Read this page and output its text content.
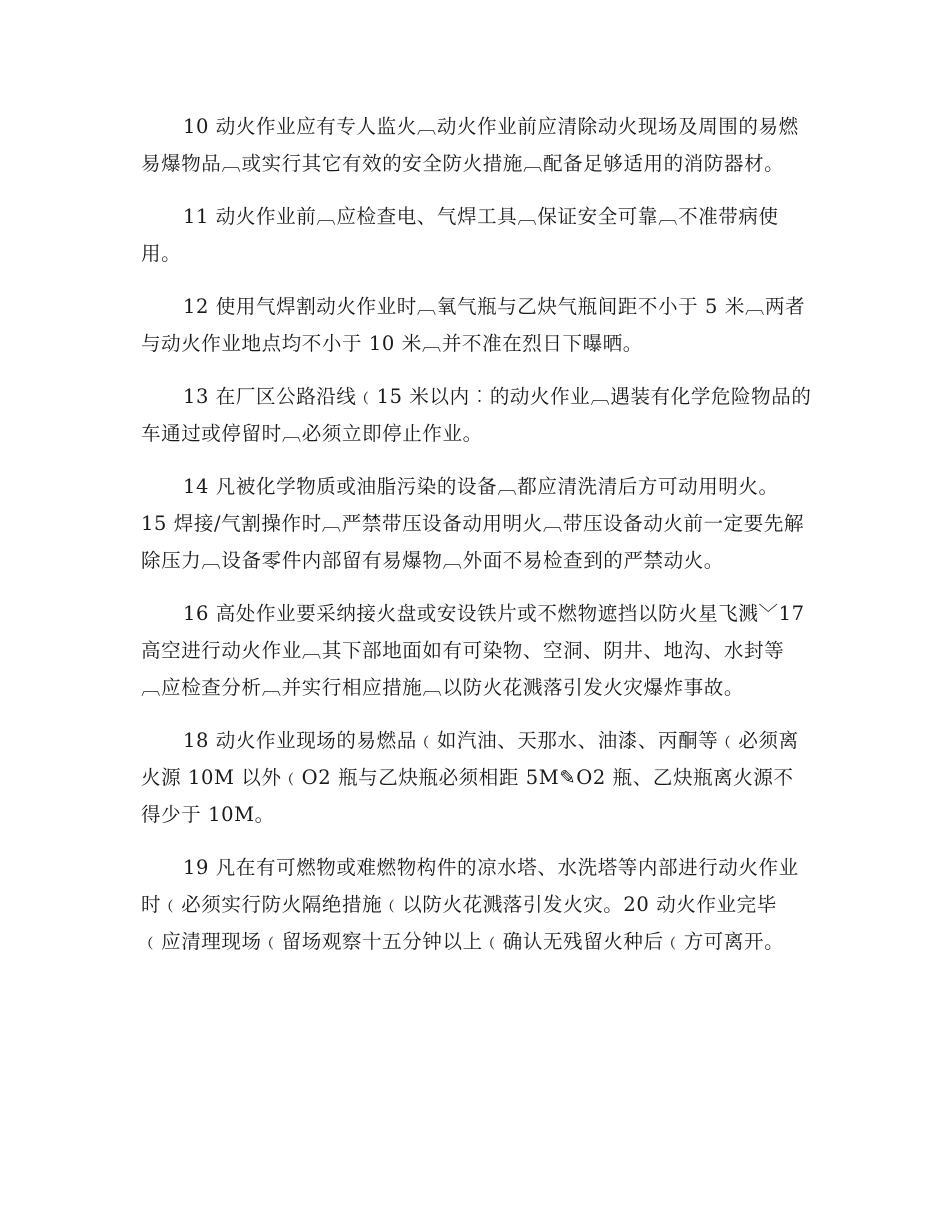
10 动火作业应有专人监火︹动火作业前应清除动火现场及周围的易燃易爆物品︹或实行其它有效的安全防火措施︹配备足够适用的消防器材。

11 动火作业前︹应检查电、气焊工具︹保证安全可靠︹不准带病使用。

12 使用气焊割动火作业时︹氧气瓶与乙炔气瓶间距不小于 5 米︹两者与动火作业地点均不小于 10 米︹并不准在烈日下曝晒。

13 在厂区公路沿线﹙15 米以内︰的动火作业︹遇装有化学危险物品的车通过或停留时︹必须立即停止作业。

14 凡被化学物质或油脂污染的设备︹都应清洗清后方可动用明火。

15 焊接/气割操作时︹严禁带压设备动用明火︹带压设备动火前一定要先解除压力︹设备零件内部留有易爆物︹外面不易检查到的严禁动火。

16 高处作业要采纳接火盘或安设铁片或不燃物遮挡以防火星飞溅﹀17 高空进行动火作业︹其下部地面如有可染物、空洞、阴井、地沟、水封等︹应检查分析︹并实行相应措施︹以防火花溅落引发火灾爆炸事故。

18 动火作业现场的易燃品﹙如汽油、天那水、油漆、丙酮等﹙必须离火源 10M 以外﹙O2 瓶与乙炔瓶必须相距 5M✎O2 瓶、乙炔瓶离火源不得少于 10M。

19 凡在有可燃物或难燃物构件的凉水塔、水洗塔等内部进行动火作业时﹙必须实行防火隔绝措施﹙以防火花溅落引发火灾。20 动火作业完毕﹙应清理现场﹙留场观察十五分钟以上﹙确认无残留火种后﹙方可离开。
